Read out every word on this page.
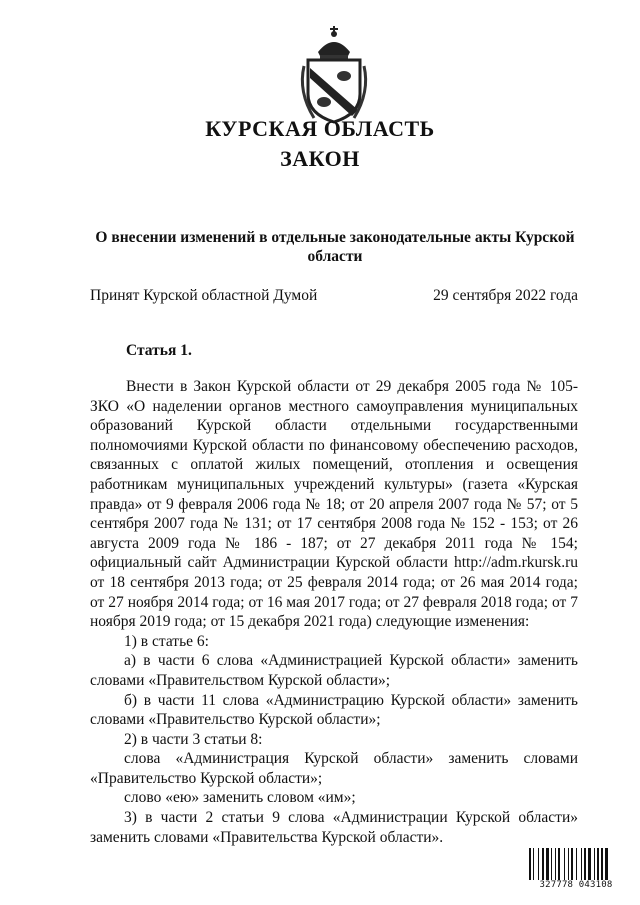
КУРСКАЯ ОБЛАСТЬ
ЗАКОН
О внесении изменений в отдельные законодательные акты Курской области
Принят Курской областной Думой	29 сентября 2022 года
Статья 1.

Внести в Закон Курской области от 29 декабря 2005 года № 105-ЗКО «О наделении органов местного самоуправления муниципальных образований Курской области отдельными государственными полномочиями Курской области по финансовому обеспечению расходов, связанных с оплатой жилых помещений, отопления и освещения работникам муниципальных учреждений культуры» (газета «Курская правда» от 9 февраля 2006 года № 18; от 20 апреля 2007 года № 57; от 5 сентября 2007 года № 131; от 17 сентября 2008 года № 152 - 153; от 26 августа 2009 года № 186 - 187; от 27 декабря 2011 года № 154; официальный сайт Администрации Курской области http://adm.rkursk.ru от 18 сентября 2013 года; от 25 февраля 2014 года; от 26 мая 2014 года; от 27 ноября 2014 года; от 16 мая 2017 года; от 27 февраля 2018 года; от 7 ноября 2019 года; от 15 декабря 2021 года) следующие изменения:

1) в статье 6:

а) в части 6 слова «Администрацией Курской области» заменить словами «Правительством Курской области»;

б) в части 11 слова «Администрацию Курской области» заменить словами «Правительство Курской области»;

2) в части 3 статьи 8:

слова «Администрация Курской области» заменить словами «Правительство Курской области»;

слово «ею» заменить словом «им»;

3) в части 2 статьи 9 слова «Администрации Курской области» заменить словами «Правительства Курской области».

327778 043108
